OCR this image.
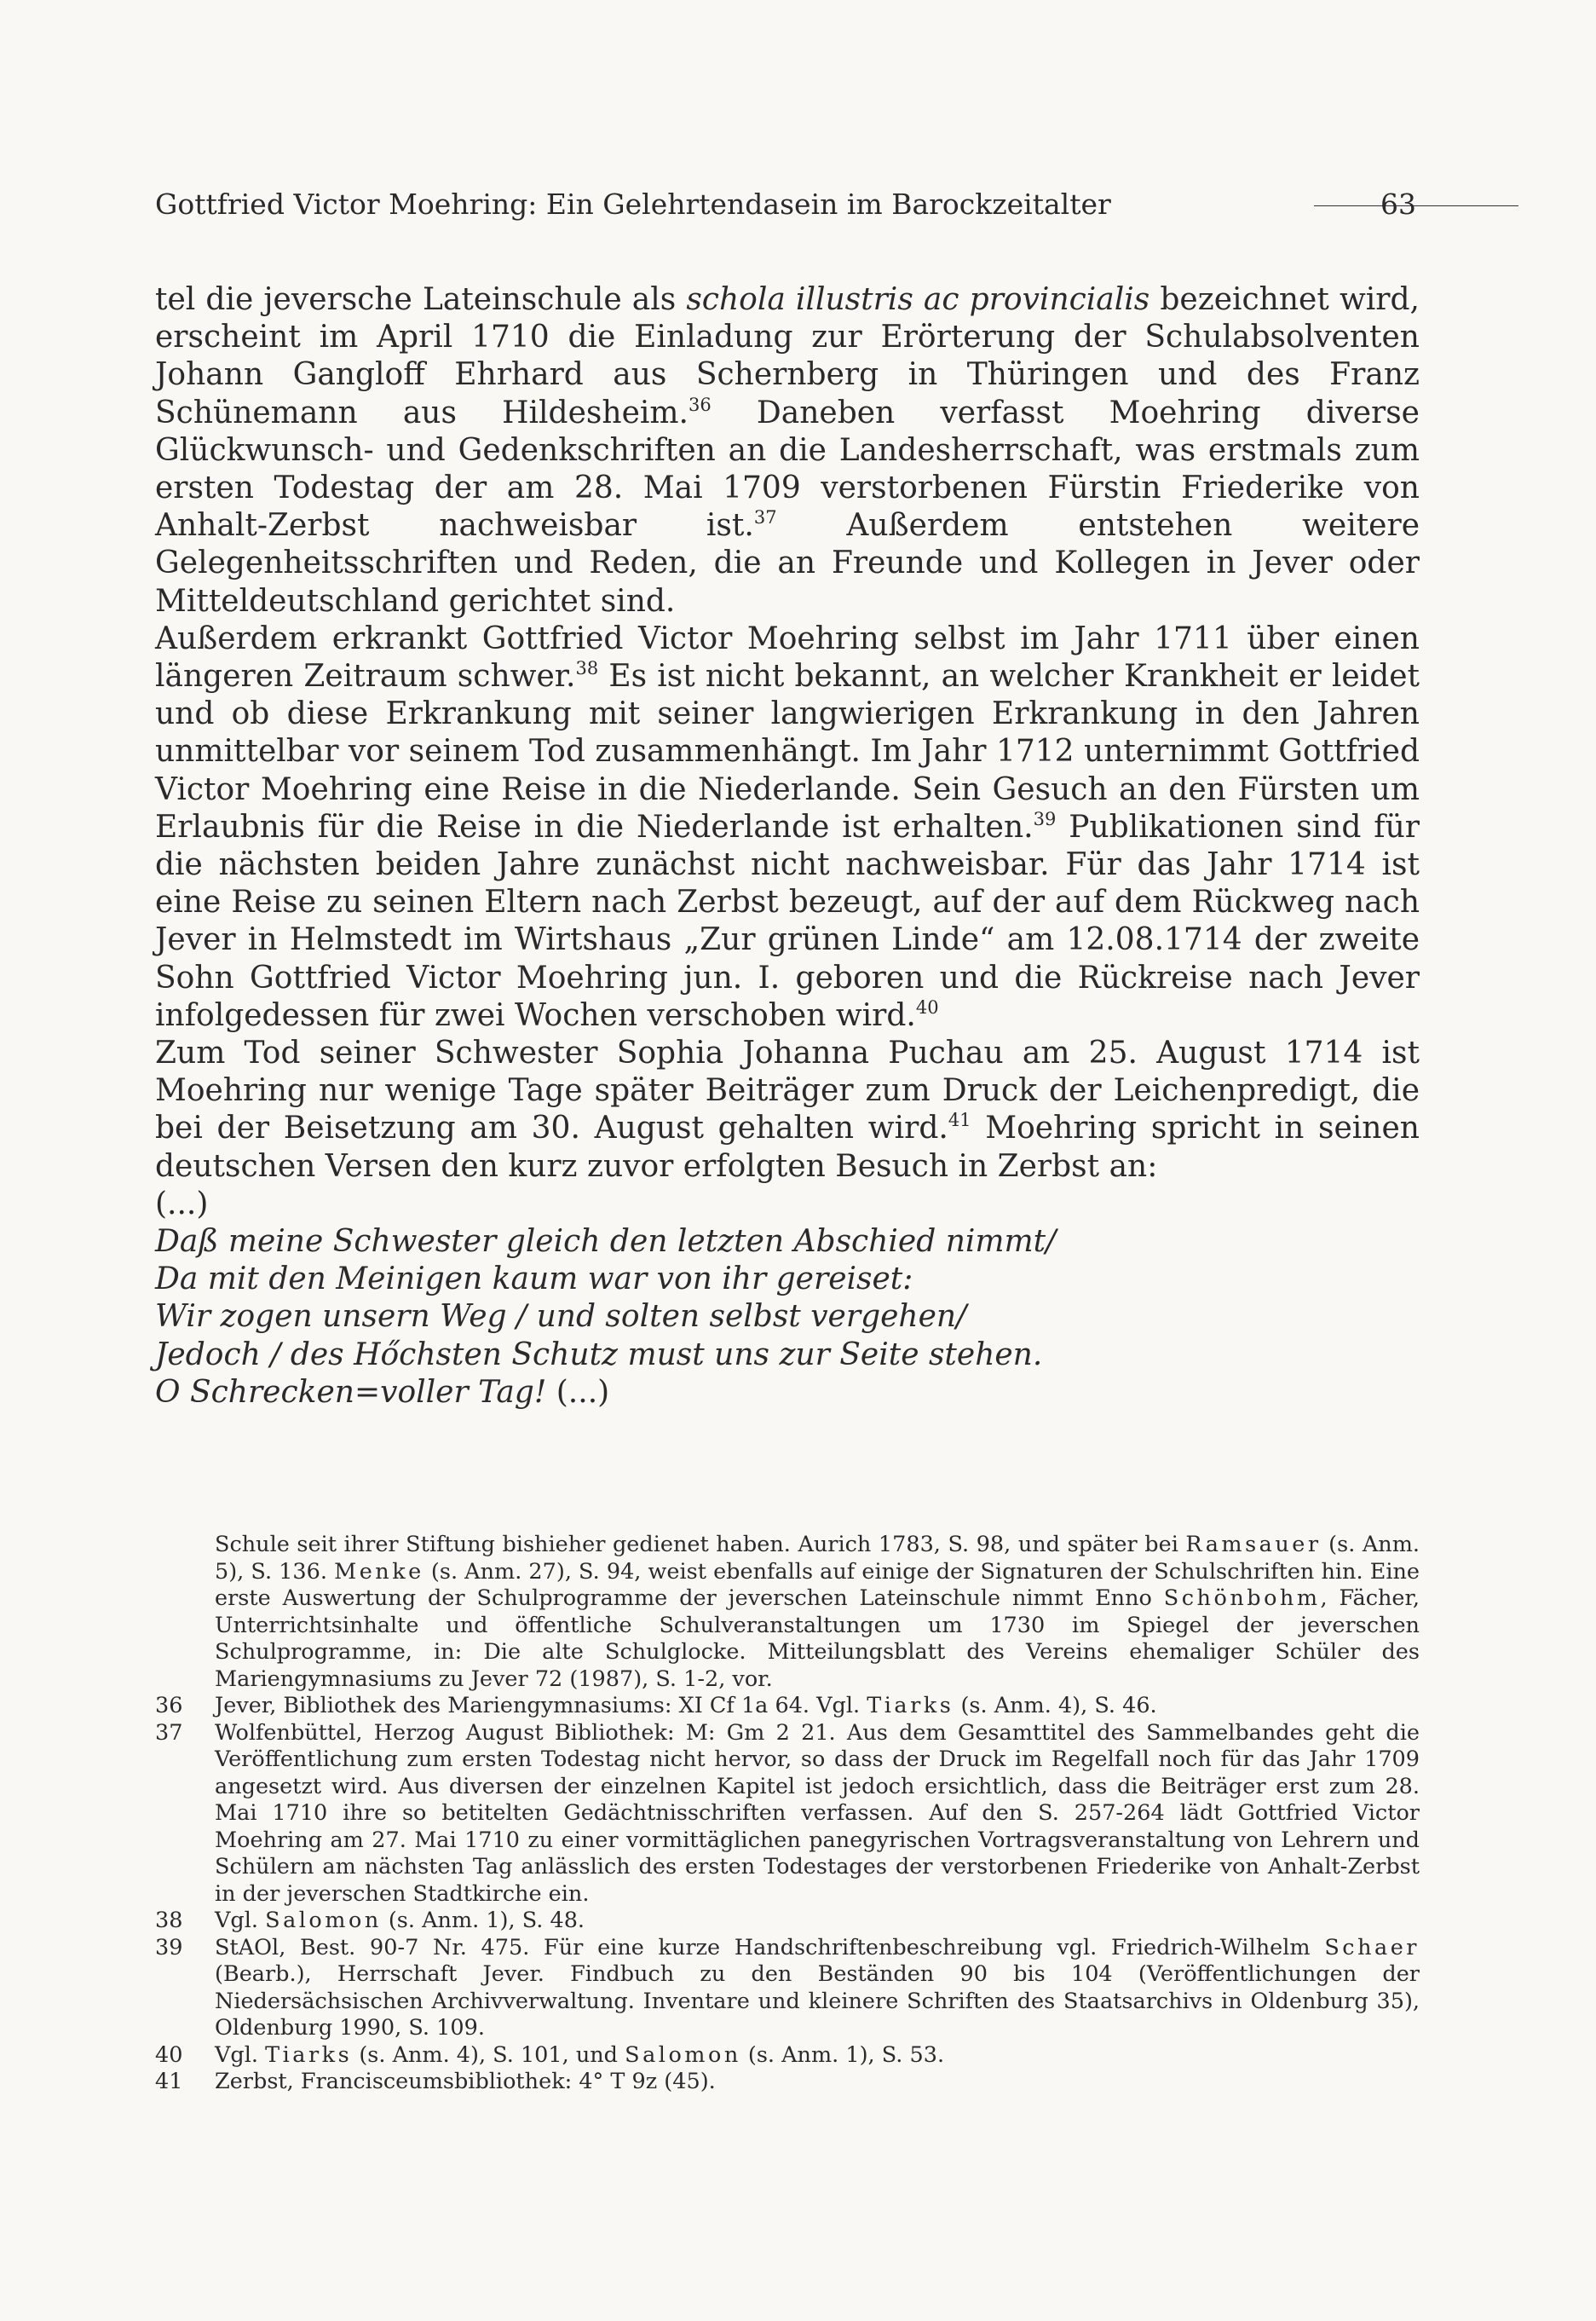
Gottfried Victor Moehring: Ein Gelehrtendasein im Barockzeitalter	63

tel die jeversche Lateinschule als schola illustris ac provincialis bezeichnet wird, erscheint im April 1710 die Einladung zur Erörterung der Schulabsolventen Johann Gangloff Ehrhard aus Schernberg in Thüringen und des Franz Schünemann aus Hildesheim.$^{36}$ Daneben verfasst Moehring diverse Glückwunsch- und Gedenkschriften an die Landesherrschaft, was erstmals zum ersten Todestag der am 28. Mai 1709 verstorbenen Fürstin Friederike von Anhalt-Zerbst nachweisbar ist.$^{37}$ Außerdem entstehen weitere Gelegenheitsschriften und Reden, die an Freunde und Kollegen in Jever oder Mitteldeutschland gerichtet sind.

Außerdem erkrankt Gottfried Victor Moehring selbst im Jahr 1711 über einen längeren Zeitraum schwer.$^{38}$ Es ist nicht bekannt, an welcher Krankheit er leidet und ob diese Erkrankung mit seiner langwierigen Erkrankung in den Jahren unmittelbar vor seinem Tod zusammenhängt. Im Jahr 1712 unternimmt Gottfried Victor Moehring eine Reise in die Niederlande. Sein Gesuch an den Fürsten um Erlaubnis für die Reise in die Niederlande ist erhalten.$^{39}$ Publikationen sind für die nächsten beiden Jahre zunächst nicht nachweisbar. Für das Jahr 1714 ist eine Reise zu seinen Eltern nach Zerbst bezeugt, auf der auf dem Rückweg nach Jever in Helmstedt im Wirtshaus „Zur grünen Linde“ am 12.08.1714 der zweite Sohn Gottfried Victor Moehring jun. I. geboren und die Rückreise nach Jever infolgedessen für zwei Wochen verschoben wird.$^{40}$

Zum Tod seiner Schwester Sophia Johanna Puchau am 25. August 1714 ist Moehring nur wenige Tage später Beiträger zum Druck der Leichenpredigt, die bei der Beisetzung am 30. August gehalten wird.$^{41}$ Moehring spricht in seinen deutschen Versen den kurz zuvor erfolgten Besuch in Zerbst an:

(...)

Daß meine Schwester gleich den letzten Abschied nimmt/
Da mit den Meinigen kaum war von ihr gereiset:
Wir zogen unsern Weg / und solten selbst vergehen/
Jedoch / des Hőchsten Schutz must uns zur Seite stehen.
O Schrecken=voller Tag! (...)
Schule seit ihrer Stiftung bishieher gedienet haben. Aurich 1783, S. 98, und später bei Ramsauer (s. Anm. 5), S. 136. Menke (s. Anm. 27), S. 94, weist ebenfalls auf einige der Signaturen der Schulschriften hin. Eine erste Auswertung der Schulprogramme der jeverschen Lateinschule nimmt Enno Schönbohm, Fächer, Unterrichtsinhalte und öffentliche Schulveranstaltungen um 1730 im Spiegel der jeverschen Schulprogramme, in: Die alte Schulglocke. Mitteilungsblatt des Vereins ehemaliger Schüler des Mariengymnasiums zu Jever 72 (1987), S. 1-2, vor.
36	Jever, Bibliothek des Mariengymnasiums: XI Cf 1a 64. Vgl. Tiarks (s. Anm. 4), S. 46.
37	Wolfenbüttel, Herzog August Bibliothek: M: Gm 2 21. Aus dem Gesamttitel des Sammelbandes geht die Veröffentlichung zum ersten Todestag nicht hervor, so dass der Druck im Regelfall noch für das Jahr 1709 angesetzt wird. Aus diversen der einzelnen Kapitel ist jedoch ersichtlich, dass die Beiträger erst zum 28. Mai 1710 ihre so betitelten Gedächtnisschriften verfassen. Auf den S. 257-264 lädt Gottfried Victor Moehring am 27. Mai 1710 zu einer vormittäglichen panegyrischen Vortragsveranstaltung von Lehrern und Schülern am nächsten Tag anlässlich des ersten Todestages der verstorbenen Friederike von Anhalt-Zerbst in der jeverschen Stadtkirche ein.
38	Vgl. Salomon (s. Anm. 1), S. 48.
39	StAOl, Best. 90-7 Nr. 475. Für eine kurze Handschriftenbeschreibung vgl. Friedrich-Wilhelm Schaer (Bearb.), Herrschaft Jever. Findbuch zu den Beständen 90 bis 104 (Veröffentlichungen der Niedersächsischen Archivverwaltung. Inventare und kleinere Schriften des Staatsarchivs in Oldenburg 35), Oldenburg 1990, S. 109.
40	Vgl. Tiarks (s. Anm. 4), S. 101, und Salomon (s. Anm. 1), S. 53.
41	Zerbst, Francisceumsbibliothek: 4° T 9z (45).
